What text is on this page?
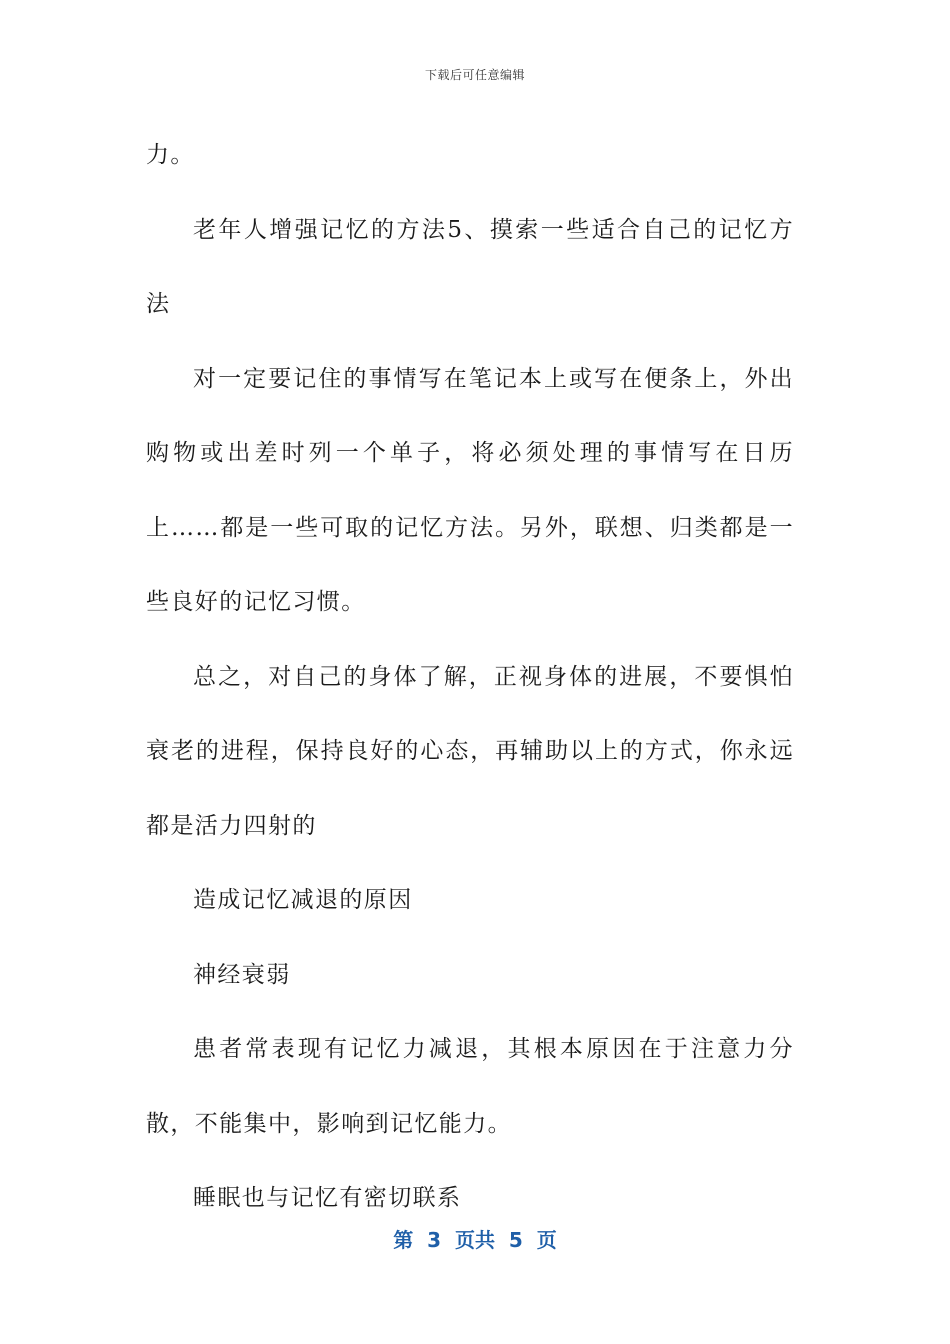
下载后可任意编辑

力。

老年人增强记忆的方法5、摸索一些适合自己的记忆方法

对一定要记住的事情写在笔记本上或写在便条上，外出购物或出差时列一个单子，将必须处理的事情写在日历上……都是一些可取的记忆方法。另外，联想、归类都是一些良好的记忆习惯。

总之，对自己的身体了解，正视身体的进展，不要惧怕衰老的进程，保持良好的心态，再辅助以上的方式，你永远都是活力四射的

造成记忆减退的原因

神经衰弱

患者常表现有记忆力减退，其根本原因在于注意力分散，不能集中，影响到记忆能力。

睡眠也与记忆有密切联系

第  3  页共  5  页
